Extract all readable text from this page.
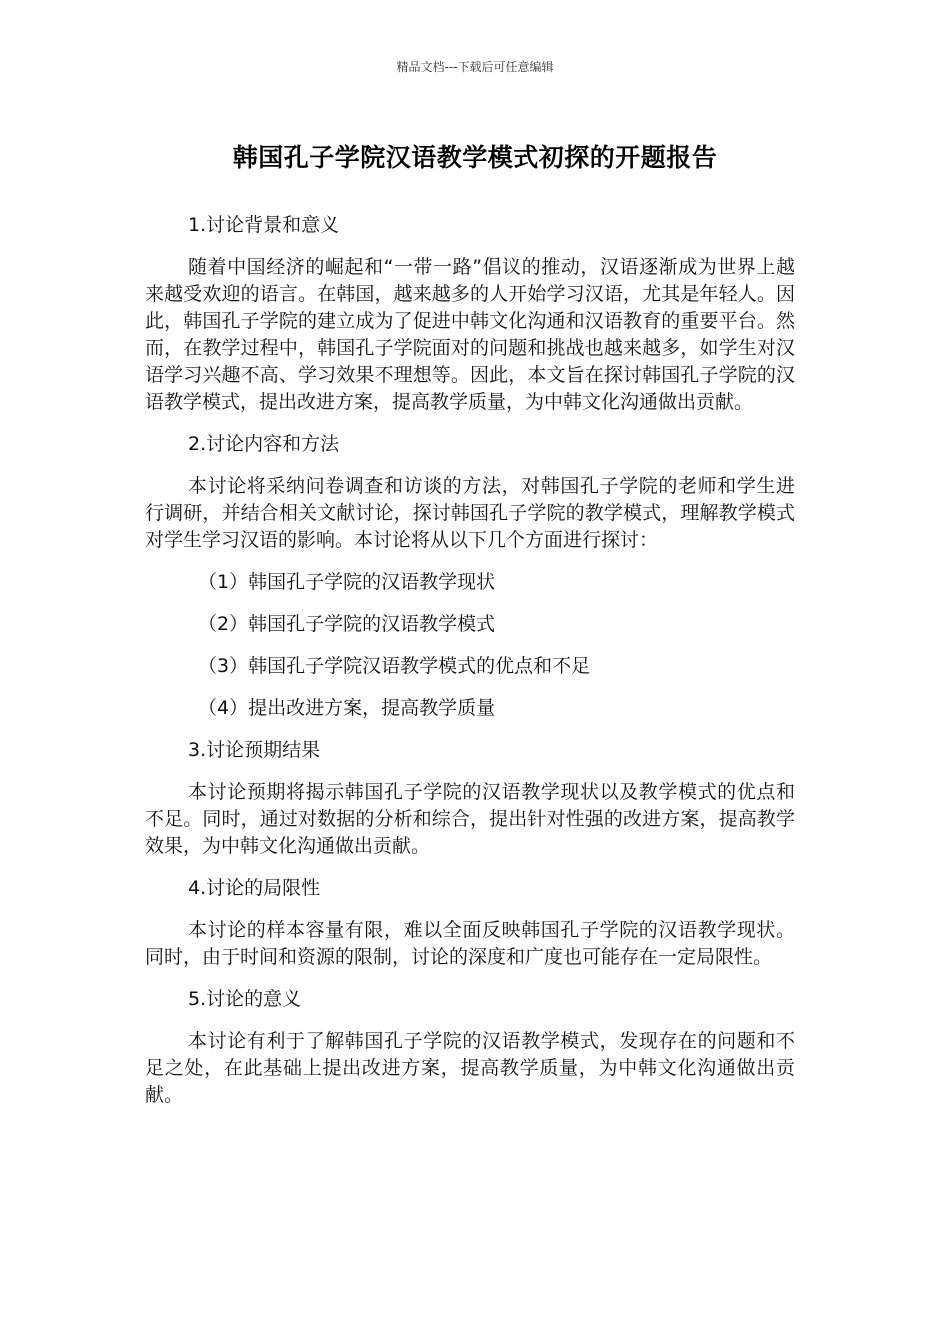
精品文档---下载后可任意编辑
韩国孔子学院汉语教学模式初探的开题报告

1.讨论背景和意义

随着中国经济的崛起和“一带一路”倡议的推动，汉语逐渐成为世界上越来越受欢迎的语言。在韩国，越来越多的人开始学习汉语，尤其是年轻人。因此，韩国孔子学院的建立成为了促进中韩文化沟通和汉语教育的重要平台。然而，在教学过程中，韩国孔子学院面对的问题和挑战也越来越多，如学生对汉语学习兴趣不高、学习效果不理想等。因此，本文旨在探讨韩国孔子学院的汉语教学模式，提出改进方案，提高教学质量，为中韩文化沟通做出贡献。

2.讨论内容和方法

本讨论将采纳问卷调查和访谈的方法，对韩国孔子学院的老师和学生进行调研，并结合相关文献讨论，探讨韩国孔子学院的教学模式，理解教学模式对学生学习汉语的影响。本讨论将从以下几个方面进行探讨：

（1）韩国孔子学院的汉语教学现状

（2）韩国孔子学院的汉语教学模式

（3）韩国孔子学院汉语教学模式的优点和不足

（4）提出改进方案，提高教学质量

3.讨论预期结果

本讨论预期将揭示韩国孔子学院的汉语教学现状以及教学模式的优点和不足。同时，通过对数据的分析和综合，提出针对性强的改进方案，提高教学效果，为中韩文化沟通做出贡献。

4.讨论的局限性

本讨论的样本容量有限，难以全面反映韩国孔子学院的汉语教学现状。同时，由于时间和资源的限制，讨论的深度和广度也可能存在一定局限性。

5.讨论的意义

本讨论有利于了解韩国孔子学院的汉语教学模式，发现存在的问题和不足之处，在此基础上提出改进方案，提高教学质量，为中韩文化沟通做出贡献。
